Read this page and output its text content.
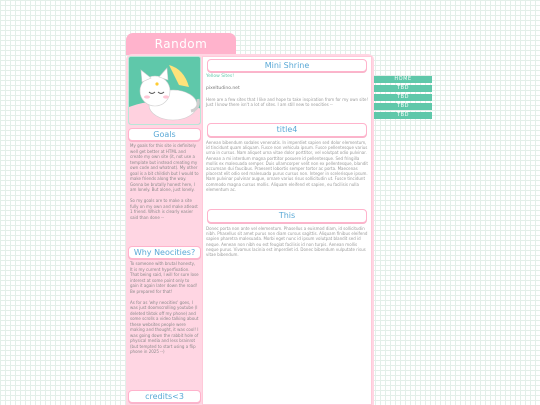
Random
HOME
TBD
TBD
TBD
TBD
Goals
My goals for this site is definitely well get better at HTML and create my own site (it, not use a template but instead creating my own code and whatnot). My other goal is a bit childish but I would to make friends along the way. Gonna be brutally honest here, I am lonely. But alone, just lonely.

So my goals are to make a site fully on my own and make atleast 1 friend. Which is clearly easier said than done --
Why Neocities?
To someone with brutal honesty, It is my current hyperfixation. That being said, I will for sure lose interest at some point only to gain it again later down the road! Be prepared for that!

As for as 'why neocities' goes, I was just doomscrolling youtube (I deleted tiktok off my phone) and some scrolls a video talking about these websites people were making and thought, it was cool! I was going down the rabbit hole of physical media and less brainrot (but tempted to start using a flip phone in 2025 --)
credits<3
Mini Shrine
Yellow Sites!
pixeltudino.net
Here are a few sites that I like and hope to take inspiration from for my own site!
Just I know there isn't a lot of sites. I am still new to neocities --
title4
Aenean bibendum sodales venenatis. In imperdiet sapien sed dolor elementum, id tincidunt quam aliquam. Fusce non vehicula ipsum. Fusce pellentesque varius urna in cursus. Nam aliquet urna vitae dolor porttitor, vel volutpat odio pulvinar. Aenean a mi interdum magna porttitor posuere id pellentesque. Sed fringilla mollis ex malesuada semper. Duis ullamcorper velit non ex pellentesque, blandit accumsan dui faucibus. Praesent lobortis semper tortor ac porta. Maecenas placerat elit odio sed malesuada purus cursus non. Integer in scelerisque ipsum. Nam pulvinar pulvinar augue, ornare varius risus sollicitudin ut. Fusce tincidunt commodo magna cursus mollis. Aliquam eleifend et sapien, eu facilisis nulla elementum ac.
This
Donec porta non ante vel elementum. Phasellus a euismod diam, id sollicitudin nibh. Phasellus sit amet purus non diam cursus sagittis. Aliquam finibus eleifend sapien pharetra malesuada. Morbi eget nunc id ipsum volutpat blandit sed id neque. Aenean non nibh eu est feugiat facilisis id non turpis. Aenean mollis neque purus. Vivamus lacinia est imperdiet id. Donec bibendum vulputate risus vitae bibendum.
